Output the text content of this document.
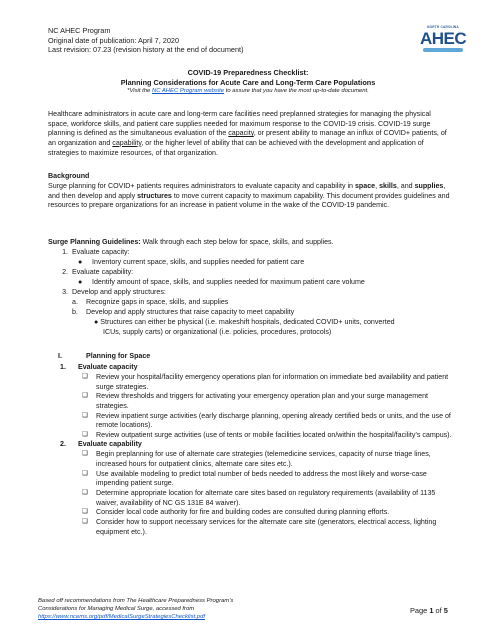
NC AHEC Program
Original date of publication: April 7, 2020
Last revision: 07.23 (revision history at the end of document)
NORTH CAROLINA
AHEC
COVID-19 Preparedness Checklist:
Planning Considerations for Acute Care and Long-Term Care Populations
*Visit the NC AHEC Program website to assure that you have the most up-to-date document.
Healthcare administrators in acute care and long-term care facilities need preplanned strategies for managing the physical space, workforce skills, and patient care supplies needed for maximum response to the COVID-19 crisis. COVID-19 surge planning is defined as the simultaneous evaluation of the capacity, or present ability to manage an influx of COVID+ patients, of an organization and capability, or the higher level of ability that can be achieved with the development and application of strategies to maximize resources, of that organization.
Background
Surge planning for COVID+ patients requires administrators to evaluate capacity and capability in space, skills, and supplies, and then develop and apply structures to move current capacity to maximum capability. This document provides guidelines and resources to prepare organizations for an increase in patient volume in the wake of the COVID-19 pandemic.
Surge Planning Guidelines: Walk through each step below for space, skills, and supplies.
1. Evaluate capacity:
●	Inventory current space, skills, and supplies needed for patient care
2. Evaluate capability:
●	Identify amount of space, skills, and supplies needed for maximum patient care volume
3. Develop and apply structures:
a.	Recognize gaps in space, skills, and supplies
b.	Develop and apply structures that raise capacity to meet capability
● Structures can either be physical (i.e. makeshift hospitals, dedicated COVID+ units, converted
ICUs, supply carts) or organizational (i.e. policies, procedures, protocols)
I.	Planning for Space
1.	Evaluate capacity
❑	Review your hospital/facility emergency operations plan for information on immediate bed availability and patient surge strategies.
❑	Review thresholds and triggers for activating your emergency operation plan and your surge management strategies.
❑	Review inpatient surge activities (early discharge planning, opening already certified beds or units, and the use of remote locations).
❑	Review outpatient surge activities (use of tents or mobile facilities located on/within the hospital/facility’s campus).
2.	Evaluate capability
❑	Begin preplanning for use of alternate care strategies (telemedicine services, capacity of nurse triage lines, increased hours for outpatient clinics, alternate care sites etc.).
❑	Use available modeling to predict total number of beds needed to address the most likely and worse-case impending patient surge.
❑	Determine appropriate location for alternate care sites based on regulatory requirements (availability of 1135 waiver, availability of NC GS 131E 84 waiver).
❑	Consider local code authority for fire and building codes are consulted during planning efforts.
❑	Consider how to support necessary services for the alternate care site (generators, electrical access, lighting equipment etc.).
Based off recommendations from The Healthcare Preparedness Program’s
Considerations for Managing Medical Surge, accessed from
https://www.ncems.org/pdf/MedicalSurgeStrategiesChecklist.pdf
Page 1 of 5
